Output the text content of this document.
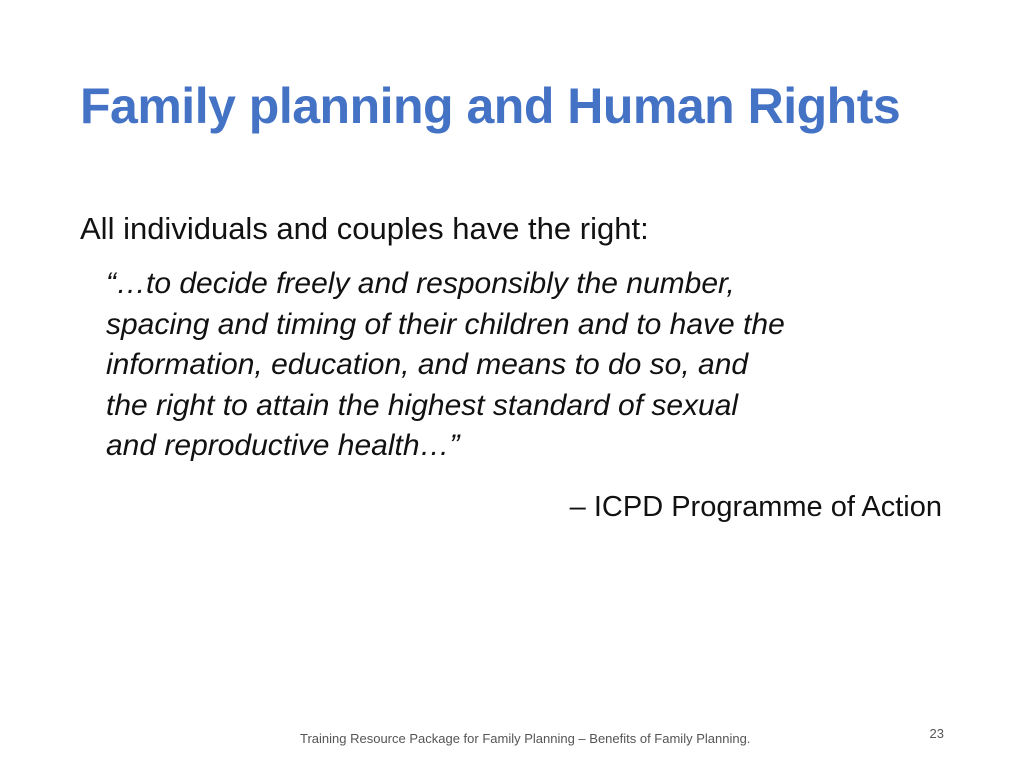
Family planning and Human Rights
All individuals and couples have the right:
“…to decide freely and responsibly the number,
spacing and timing of their children and to have the
information, education, and means to do so, and
the right to attain the highest standard of sexual
and reproductive health…”
– ICPD Programme of Action
Training Resource Package for Family Planning – Benefits of Family Planning.	23
